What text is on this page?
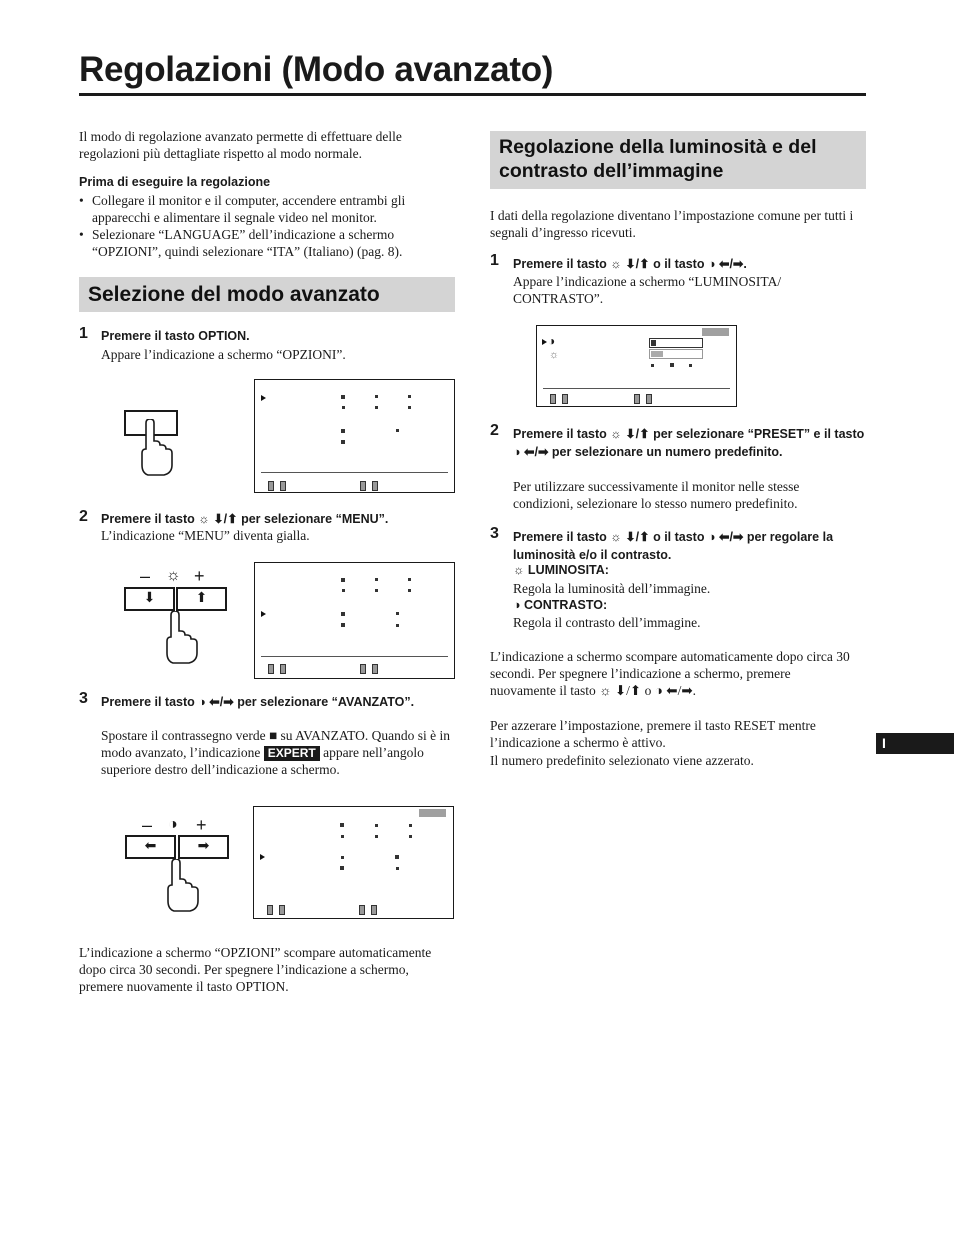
Regolazioni (Modo avanzato)
Il modo di regolazione avanzato permette di effettuare delle regolazioni più dettagliate rispetto al modo normale.
Prima di eseguire la regolazione
• Collegare il monitor e il computer, accendere entrambi gli apparecchi e alimentare il segnale video nel monitor.
• Selezionare “LANGUAGE” dell’indicazione a schermo “OPZIONI”, quindi selezionare “ITA” (Italiano) (pag. 8).
Selezione del modo avanzato
1 Premere il tasto OPTION.
Appare l’indicazione a schermo “OPZIONI”.
2 Premere il tasto ☼ ⬇/⬆ per selezionare “MENU”.
L’indicazione “MENU” diventa gialla.
– ☼ +
⬇	⬆
3 Premere il tasto ◑ ⬅/➡ per selezionare “AVANZATO”.
Spostare il contrassegno verde ■ su AVANZATO. Quando si è in modo avanzato, l’indicazione EXPERT appare nell’angolo superiore destro dell’indicazione a schermo.
– ◑ +
⬅	➡
L’indicazione a schermo “OPZIONI” scompare automaticamente dopo circa 30 secondi. Per spegnere l’indicazione a schermo, premere nuovamente il tasto OPTION.
Regolazione della luminosità e del contrasto dell’immagine
I dati della regolazione diventano l’impostazione comune per tutti i segnali d’ingresso ricevuti.
1 Premere il tasto ☼ ⬇/⬆ o il tasto ◑ ⬅/➡.
Appare l’indicazione a schermo “LUMINOSITA/ CONTRASTO”.
◑
☼
2 Premere il tasto ☼ ⬇/⬆ per selezionare “PRESET” e il tasto ◑ ⬅/➡ per selezionare un numero predefinito.
Per utilizzare successivamente il monitor nelle stesse condizioni, selezionare lo stesso numero predefinito.
3 Premere il tasto ☼ ⬇/⬆ o il tasto ◑ ⬅/➡ per regolare la luminosità e/o il contrasto.
☼ LUMINOSITA:
Regola la luminosità dell’immagine.
◑ CONTRASTO:
Regola il contrasto dell’immagine.
L’indicazione a schermo scompare automaticamente dopo circa 30 secondi. Per spegnere l’indicazione a schermo, premere nuovamente il tasto ☼ ⬇/⬆ o ◑ ⬅/➡.
Per azzerare l’impostazione, premere il tasto RESET mentre l’indicazione a schermo è attivo.
Il numero predefinito selezionato viene azzerato.
I
